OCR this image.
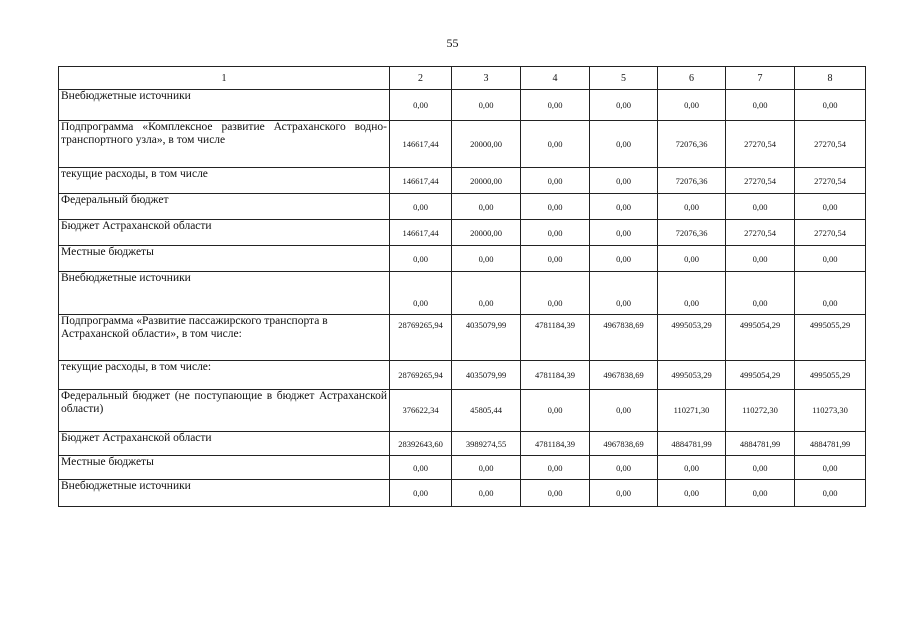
55
1	2	3	4	5	6	7	8
Внебюджетные источники	0,00	0,00	0,00	0,00	0,00	0,00	0,00
Подпрограмма «Комплексное развитие Астраханского воднотранспортного узла», в том числе	146617,44	20000,00	0,00	0,00	72076,36	27270,54	27270,54
текущие расходы, в том числе	146617,44	20000,00	0,00	0,00	72076,36	27270,54	27270,54
Федеральный бюджет	0,00	0,00	0,00	0,00	0,00	0,00	0,00
Бюджет Астраханской области	146617,44	20000,00	0,00	0,00	72076,36	27270,54	27270,54
Местные бюджеты	0,00	0,00	0,00	0,00	0,00	0,00	0,00
Внебюджетные источники	0,00	0,00	0,00	0,00	0,00	0,00	0,00
Подпрограмма «Развитие пассажирского транспорта в Астраханской области», в том числе:	28769265,94	4035079,99	4781184,39	4967838,69	4995053,29	4995054,29	4995055,29
текущие расходы, в том числе:	28769265,94	4035079,99	4781184,39	4967838,69	4995053,29	4995054,29	4995055,29
Федеральный бюджет (не поступающие в бюджет Астраханской области)	376622,34	45805,44	0,00	0,00	110271,30	110272,30	110273,30
Бюджет Астраханской области	28392643,60	3989274,55	4781184,39	4967838,69	4884781,99	4884781,99	4884781,99
Местные бюджеты	0,00	0,00	0,00	0,00	0,00	0,00	0,00
Внебюджетные источники	0,00	0,00	0,00	0,00	0,00	0,00	0,00
